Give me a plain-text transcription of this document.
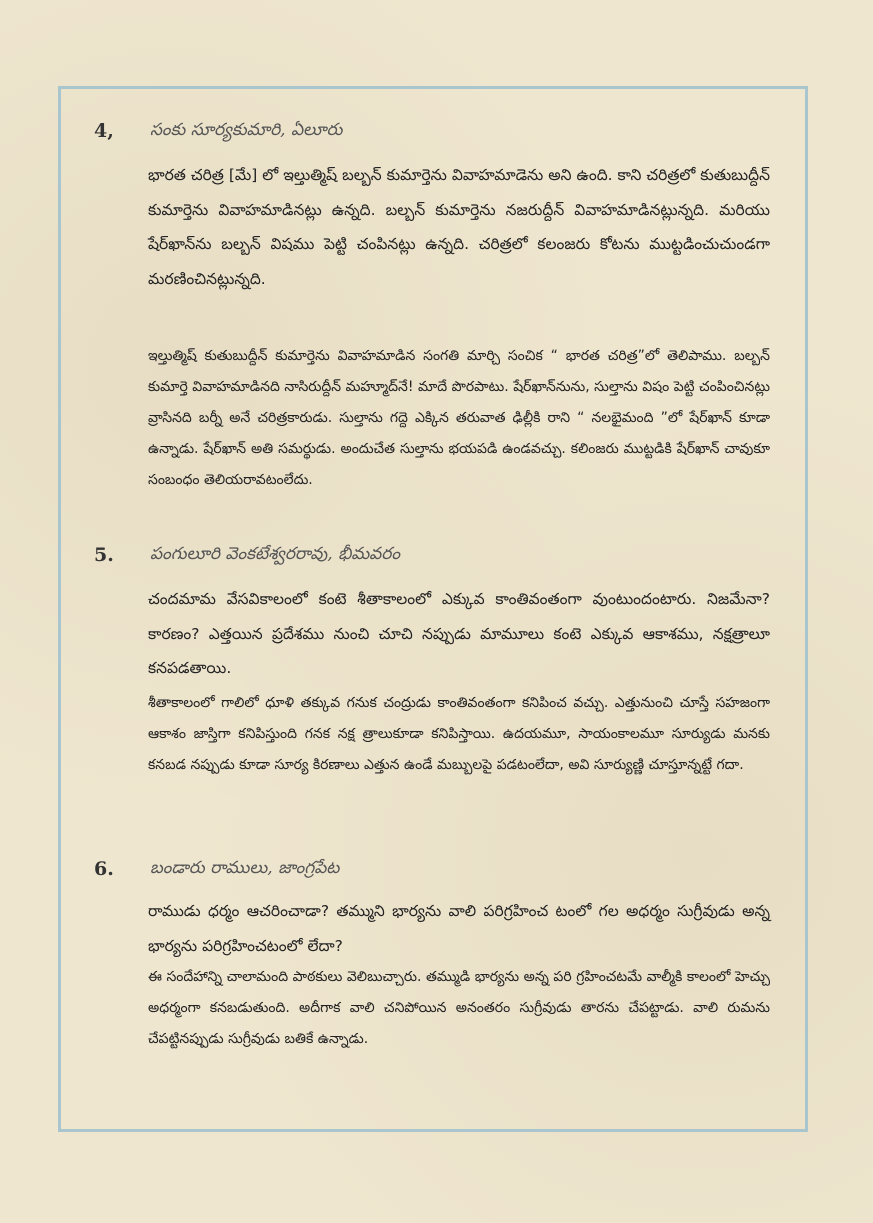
4, సంకు సూర్యకుమారి, ఏలూరు
భారత చరిత్ర [మే] లో ఇల్తుత్మిష్ బల్బన్ కుమార్తెను వివాహమాడెను అని ఉంది. కాని చరిత్రలో కుతుబుద్దీన్ కుమార్తెను వివాహమాడినట్లు ఉన్నది. బల్బన్ కుమార్తెను నజరుద్దీన్ వివాహమాడినట్లున్నది. మరియు షేర్‌ఖాన్‌ను బల్బన్ విషము పెట్టి చంపినట్లు ఉన్నది. చరిత్రలో కలంజరు కోటను ముట్టడించుచుండగా మరణించినట్లున్నది.
ఇల్తుత్మిష్ కుతుబుద్దీన్ కుమార్తెను వివాహమాడిన సంగతి మార్చి సంచిక “ భారత చరిత్ర”లో తెలిపాము. బల్బన్ కుమార్తె వివాహమాడినది నాసిరుద్దీన్ మహ్మూద్‌నే! మాదే పొరపాటు. షేర్‌ఖాన్‌నును, సుల్తాను విషం పెట్టి చంపించినట్లు వ్రాసినది బర్నీ అనే చరిత్రకారుడు. సుల్తాను గద్దె ఎక్కిన తరువాత ఢిల్లీకి రాని “ నలభైమంది ”లో షేర్‌ఖాన్ కూడా ఉన్నాడు. షేర్‌ఖాన్ అతి సమర్థుడు. అందుచేత సుల్తాను భయపడి ఉండవచ్చు. కలింజరు ముట్టడికి షేర్‌ఖాన్ చావుకూ సంబంధం తెలియరావటంలేదు.
5. పంగులూరి వెంకటేశ్వరరావు, భీమవరం
చందమామ వేసవికాలంలో కంటె శీతాకాలంలో ఎక్కువ కాంతివంతంగా వుంటుందంటారు. నిజమేనా? కారణం? ఎత్తయిన ప్రదేశము నుంచి చూచి నప్పుడు మామూలు కంటె ఎక్కువ ఆకాశము, నక్షత్రాలూ కనపడతాయి.
శీతాకాలంలో గాలిలో ధూళి తక్కువ గనుక చంద్రుడు కాంతివంతంగా కనిపించ వచ్చు. ఎత్తునుంచి చూస్తే సహజంగా ఆకాశం జాస్తిగా కనిపిస్తుంది గనక నక్ష త్రాలుకూడా కనిపిస్తాయి. ఉదయమూ, సాయంకాలమూ సూర్యుడు మనకు కనబడ నప్పుడు కూడా సూర్య కిరణాలు ఎత్తున ఉండే మబ్బులపై పడటంలేదా, అవి సూర్యుణ్ణి చూస్తూన్నట్టే గదా.
6. బండారు రాములు, జాంగ్రపేట
రాముడు ధర్మం ఆచరించాడా? తమ్ముని భార్యను వాలి పరిగ్రహించ టంలో గల అధర్మం సుగ్రీవుడు అన్న భార్యను పరిగ్రహించటంలో లేదా?
ఈ సందేహాన్ని చాలామంది పాఠకులు వెలిబుచ్చారు. తమ్ముడి భార్యను అన్న పరి గ్రహించటమే వాల్మీకి కాలంలో హెచ్చు అధర్మంగా కనబడుతుంది. అదీగాక వాలి చనిపోయిన అనంతరం సుగ్రీవుడు తారను చేపట్టాడు. వాలి రుమను చేపట్టినప్పుడు సుగ్రీవుడు బతికే ఉన్నాడు.
